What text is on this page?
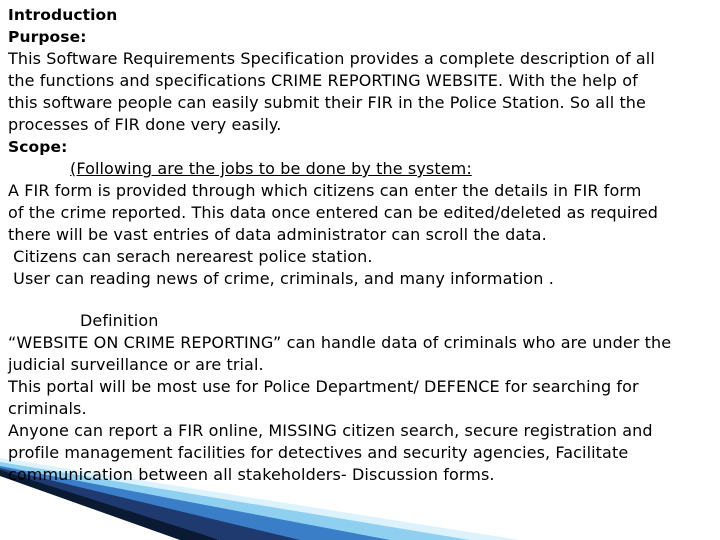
Introduction
Purpose:
This Software Requirements Specification provides a complete description of all
the functions and specifications CRIME REPORTING WEBSITE. With the help of
this software people can easily submit their FIR in the Police Station. So all the
processes of FIR done very easily.
Scope:
(Following are the jobs to be done by the system:
A FIR form is provided through which citizens can enter the details in FIR form
of the crime reported. This data once entered can be edited/deleted as required
there will be vast entries of data administrator can scroll the data.
Citizens can serach nerearest police station.
User can reading news of crime, criminals, and many information .
Definition
“WEBSITE ON CRIME REPORTING” can handle data of criminals who are under the
judicial surveillance or are trial.
This portal will be most use for Police Department/ DEFENCE for searching for
criminals.
Anyone can report a FIR online, MISSING citizen search, secure registration and
profile management facilities for detectives and security agencies, Facilitate
communication between all stakeholders- Discussion forms.
